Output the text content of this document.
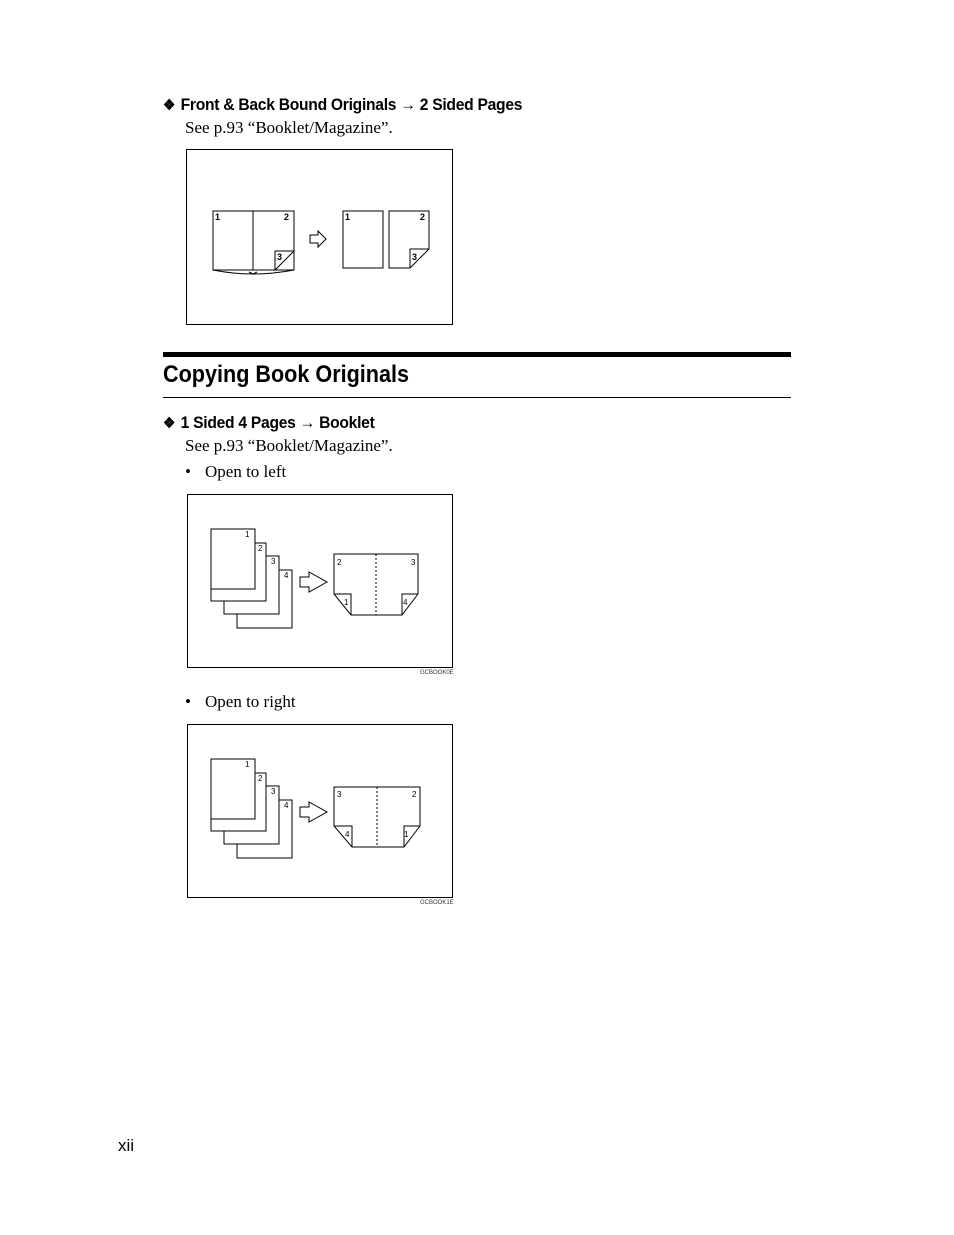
❖ Front & Back Bound Originals → 2 Sided Pages
See p.93 “Booklet/Magazine”.
1	2
3
1	2
3
Copying Book Originals
❖ 1 Sided 4 Pages → Booklet
See p.93 “Booklet/Magazine”.
• Open to left
1
2
3
4
2	3
1	4
GCBOOK0E
• Open to right
1
2
3
4
3	2
4	1
GCBOOK1E
xii
